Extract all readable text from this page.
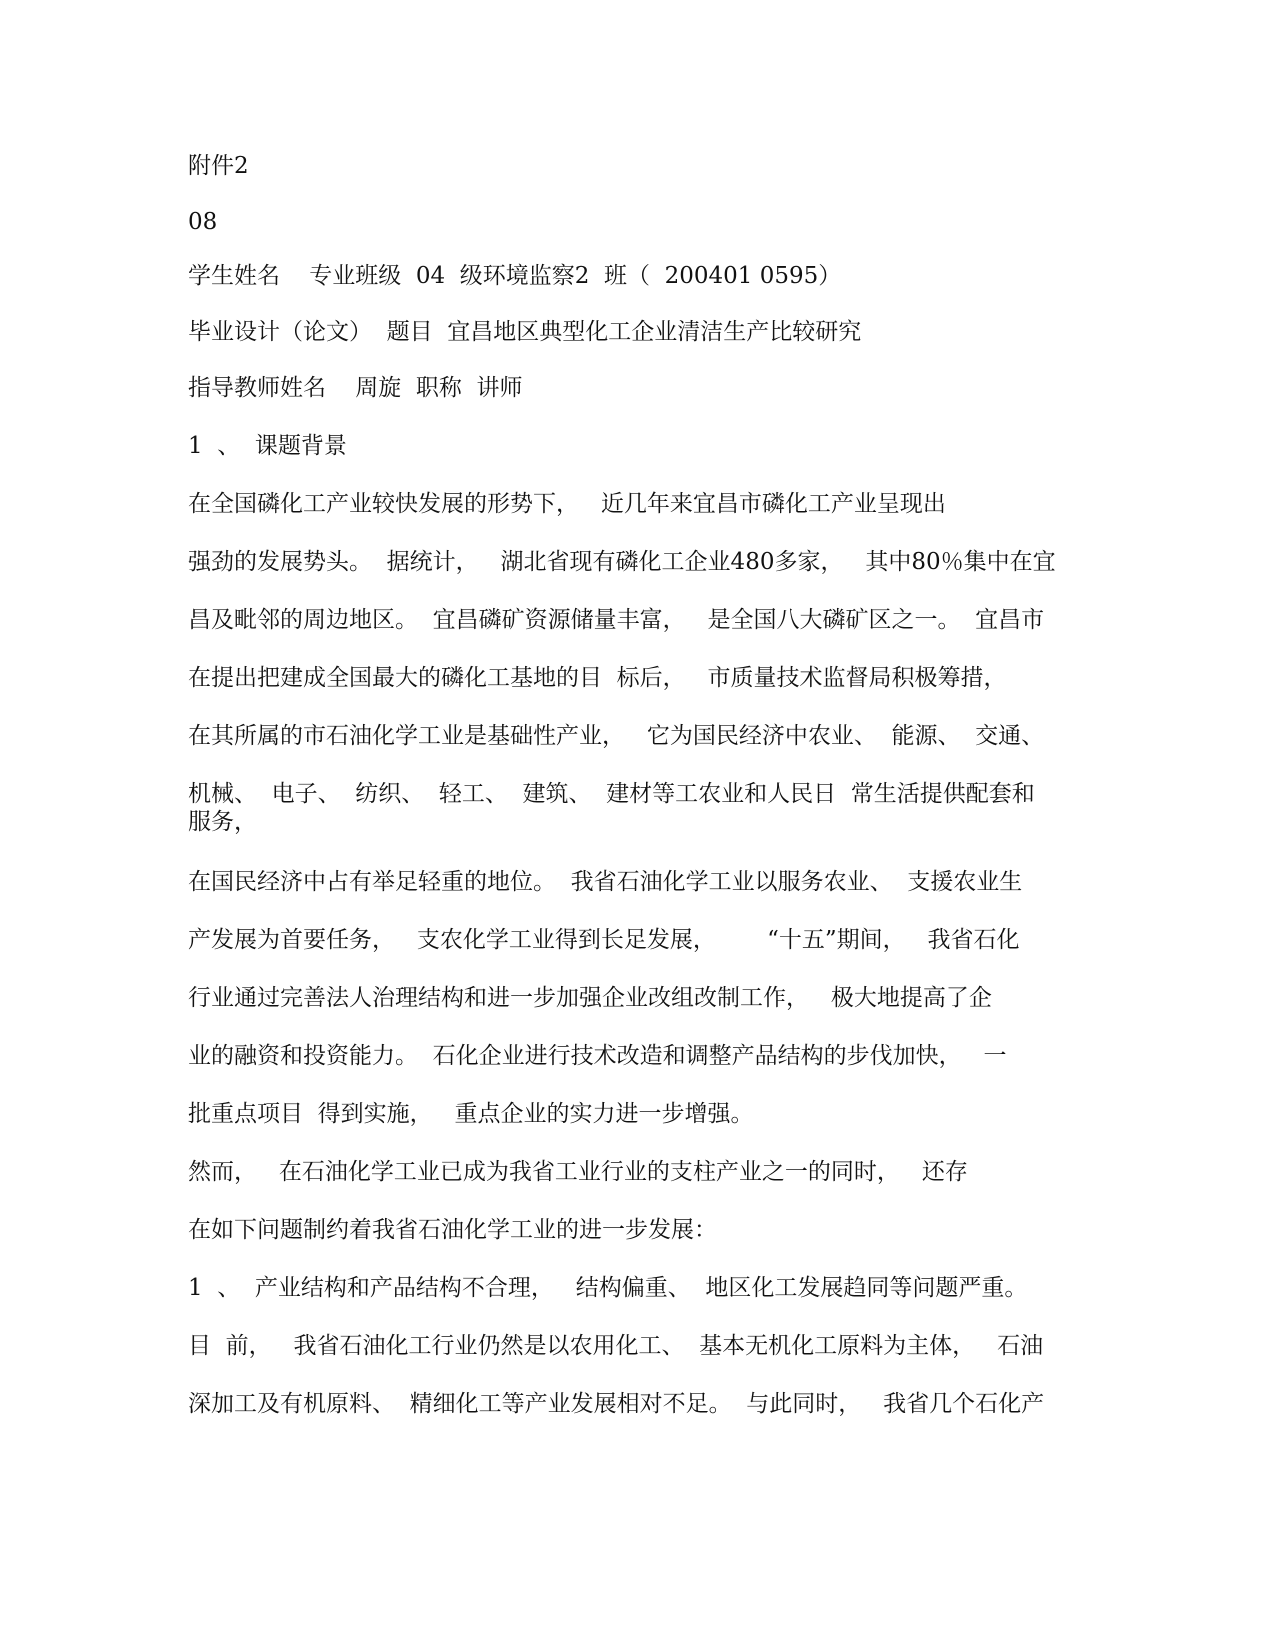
附件2
08
学生姓名    专业班级  04  级环境监察2  班（  200401 0595）
毕业设计（论文）  题目  宜昌地区典型化工企业清洁生产比较研究
指导教师姓名    周旋  职称  讲师
1  、  课题背景
在全国磷化工产业较快发展的形势下，   近几年来宜昌市磷化工产业呈现出
强劲的发展势头。  据统计，   湖北省现有磷化工企业480多家，   其中80％集中在宜
昌及毗邻的周边地区。  宜昌磷矿资源储量丰富，   是全国八大磷矿区之一。  宜昌市
在提出把建成全国最大的磷化工基地的目  标后，   市质量技术监督局积极筹措，
在其所属的市石油化学工业是基础性产业，   它为国民经济中农业、  能源、  交通、
机械、  电子、  纺织、  轻工、  建筑、  建材等工农业和人民日  常生活提供配套和
服务，
在国民经济中占有举足轻重的地位。  我省石油化学工业以服务农业、  支援农业生
产发展为首要任务，   支农化学工业得到长足发展，       “十五”期间，   我省石化
行业通过完善法人治理结构和进一步加强企业改组改制工作，   极大地提高了企
业的融资和投资能力。  石化企业进行技术改造和调整产品结构的步伐加快，   一
批重点项目  得到实施，   重点企业的实力进一步增强。
然而，   在石油化学工业已成为我省工业行业的支柱产业之一的同时，   还存
在如下问题制约着我省石油化学工业的进一步发展：
1  、  产业结构和产品结构不合理，   结构偏重、  地区化工发展趋同等问题严重。
目  前，   我省石油化工行业仍然是以农用化工、  基本无机化工原料为主体，   石油
深加工及有机原料、  精细化工等产业发展相对不足。  与此同时，   我省几个石化产
